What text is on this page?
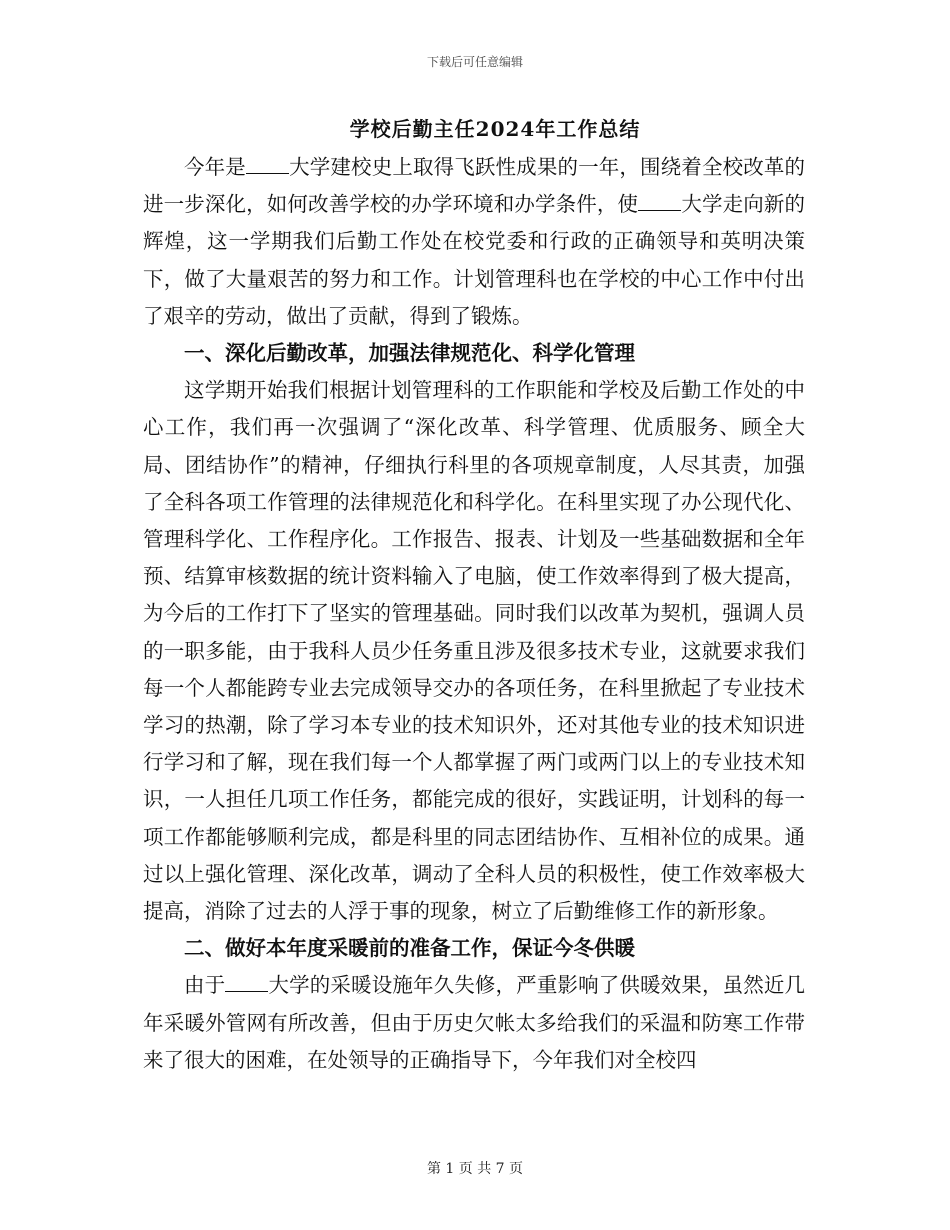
下载后可任意编辑
学校后勤主任2024年工作总结

今年是 大学建校史上取得飞跃性成果的一年，围绕着全校改革的进一步深化，如何改善学校的办学环境和办学条件，使 大学走向新的辉煌，这一学期我们后勤工作处在校党委和行政的正确领导和英明决策下，做了大量艰苦的努力和工作。计划管理科也在学校的中心工作中付出了艰辛的劳动，做出了贡献，得到了锻炼。

一、深化后勤改革，加强法律规范化、科学化管理

这学期开始我们根据计划管理科的工作职能和学校及后勤工作处的中心工作，我们再一次强调了“深化改革、科学管理、优质服务、顾全大局、团结协作”的精神，仔细执行科里的各项规章制度，人尽其责，加强了全科各项工作管理的法律规范化和科学化。在科里实现了办公现代化、管理科学化、工作程序化。工作报告、报表、计划及一些基础数据和全年预、结算审核数据的统计资料输入了电脑，使工作效率得到了极大提高，为今后的工作打下了坚实的管理基础。同时我们以改革为契机，强调人员的一职多能，由于我科人员少任务重且涉及很多技术专业，这就要求我们每一个人都能跨专业去完成领导交办的各项任务，在科里掀起了专业技术学习的热潮，除了学习本专业的技术知识外，还对其他专业的技术知识进行学习和了解，现在我们每一个人都掌握了两门或两门以上的专业技术知识，一人担任几项工作任务，都能完成的很好，实践证明，计划科的每一项工作都能够顺利完成，都是科里的同志团结协作、互相补位的成果。通过以上强化管理、深化改革，调动了全科人员的积极性，使工作效率极大提高，消除了过去的人浮于事的现象，树立了后勤维修工作的新形象。

二、做好本年度采暖前的准备工作，保证今冬供暖

由于 大学的采暖设施年久失修，严重影响了供暖效果，虽然近几年采暖外管网有所改善，但由于历史欠帐太多给我们的采温和防寒工作带来了很大的困难，在处领导的正确指导下，今年我们对全校四

第 1 页 共 7 页
